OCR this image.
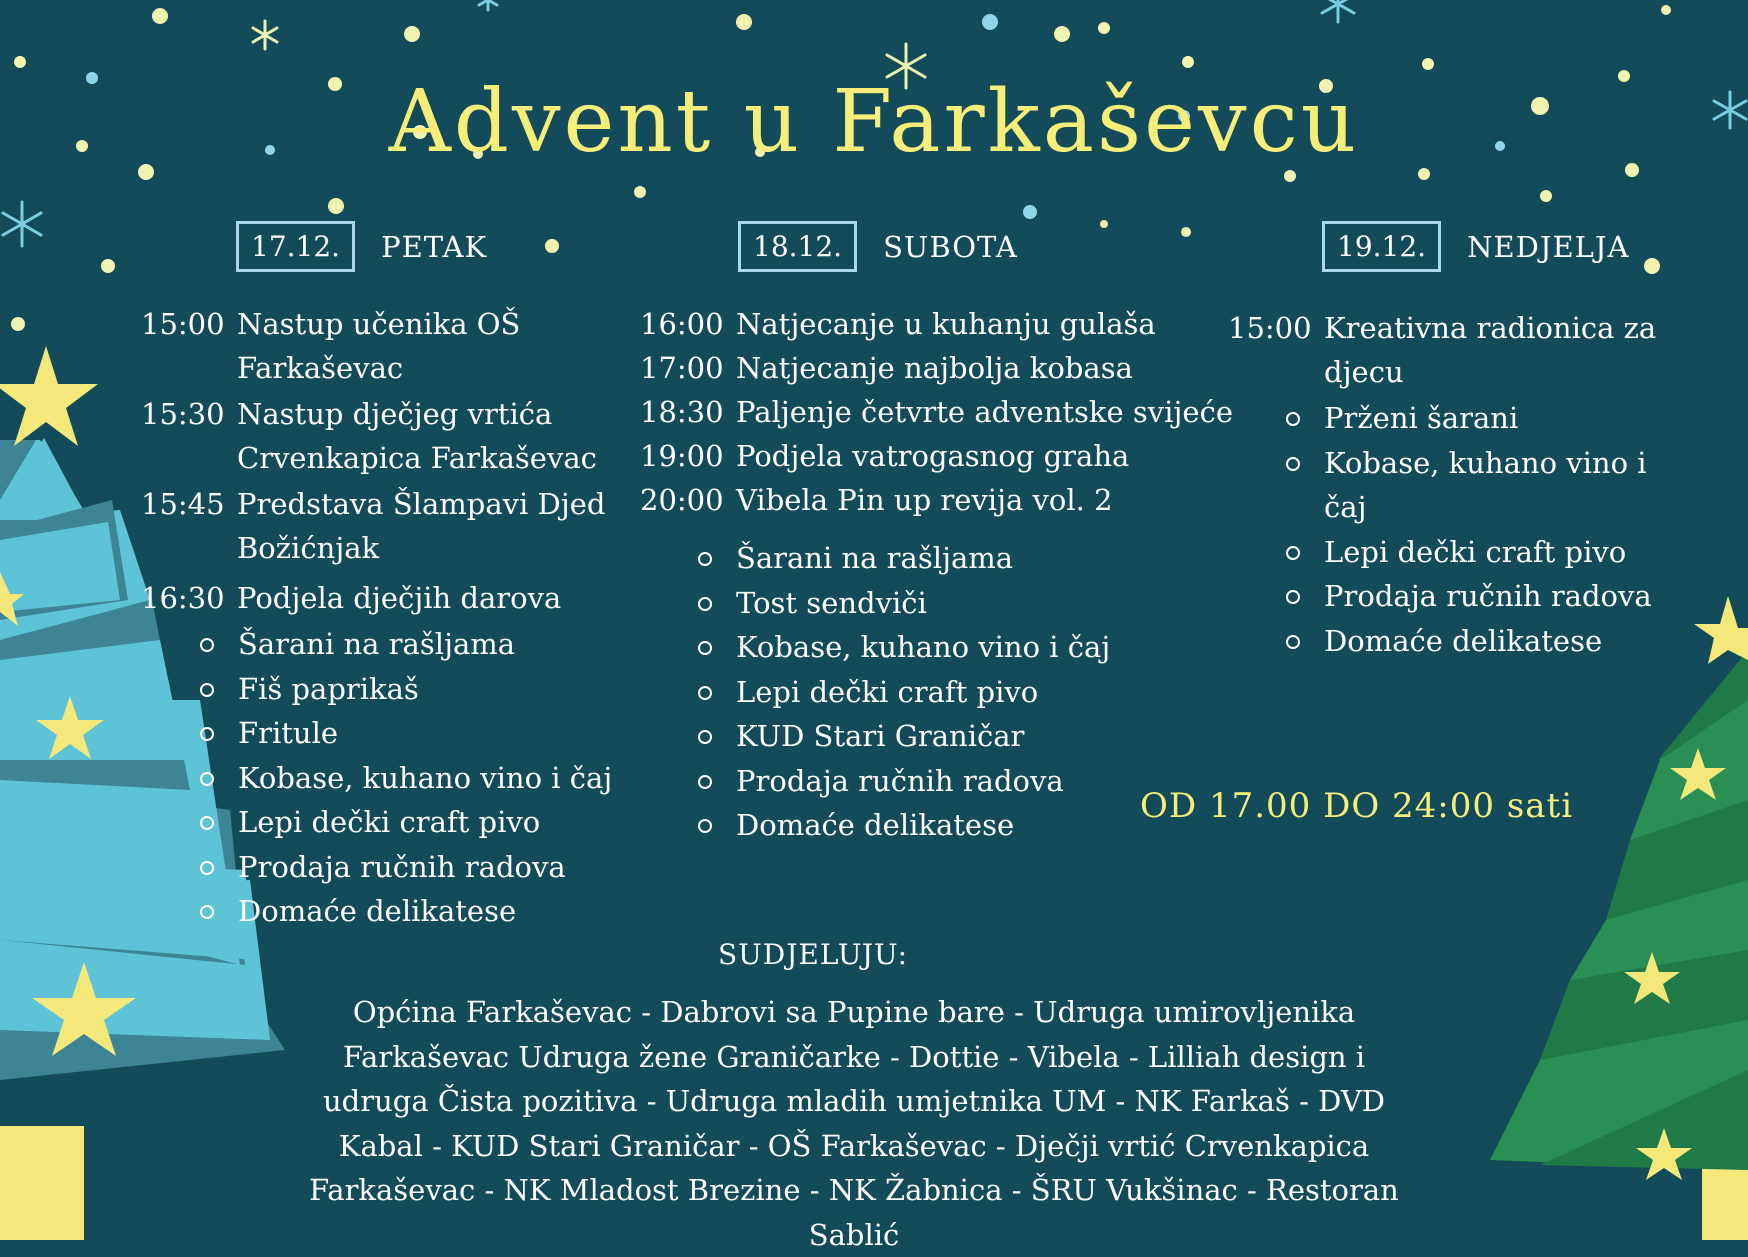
Advent u Farkaševcu
17.12.	PETAK	18.12.	SUBOTA	19.12.	NEDJELJA
15:00 Nastup učenika OŠ Farkaševac
15:30 Nastup dječjeg vrtića Crvenkapica Farkaševac
15:45 Predstava Šlampavi Djed Božićnjak
16:30 Podjela dječjih darova
Šarani na rašljama
Fiš paprikaš
Fritule
Kobase, kuhano vino i čaj
Lepi dečki craft pivo
Prodaja ručnih radova
Domaće delikatese
16:00 Natjecanje u kuhanju gulaša
17:00 Natjecanje najbolja kobasa
18:30 Paljenje četvrte adventske svijeće
19:00 Podjela vatrogasnog graha
20:00 Vibela Pin up revija vol. 2
Šarani na rašljama
Tost sendviči
Kobase, kuhano vino i čaj
Lepi dečki craft pivo
KUD Stari Graničar
Prodaja ručnih radova
Domaće delikatese
15:00 Kreativna radionica za djecu
Prženi šarani
Kobase, kuhano vino i čaj
Lepi dečki craft pivo
Prodaja ručnih radova
Domaće delikatese
OD 17.00 DO 24:00 sati
SUDJELUJU:
Općina Farkaševac - Dabrovi sa Pupine bare - Udruga umirovljenika Farkaševac Udruga žene Graničarke - Dottie - Vibela - Lilliah design i udruga Čista pozitiva - Udruga mladih umjetnika UM - NK Farkaš - DVD Kabal - KUD Stari Graničar - OŠ Farkaševac - Dječji vrtić Crvenkapica Farkaševac - NK Mladost Brezine - NK Žabnica - ŠRU Vukšinac - Restoran Sablić
